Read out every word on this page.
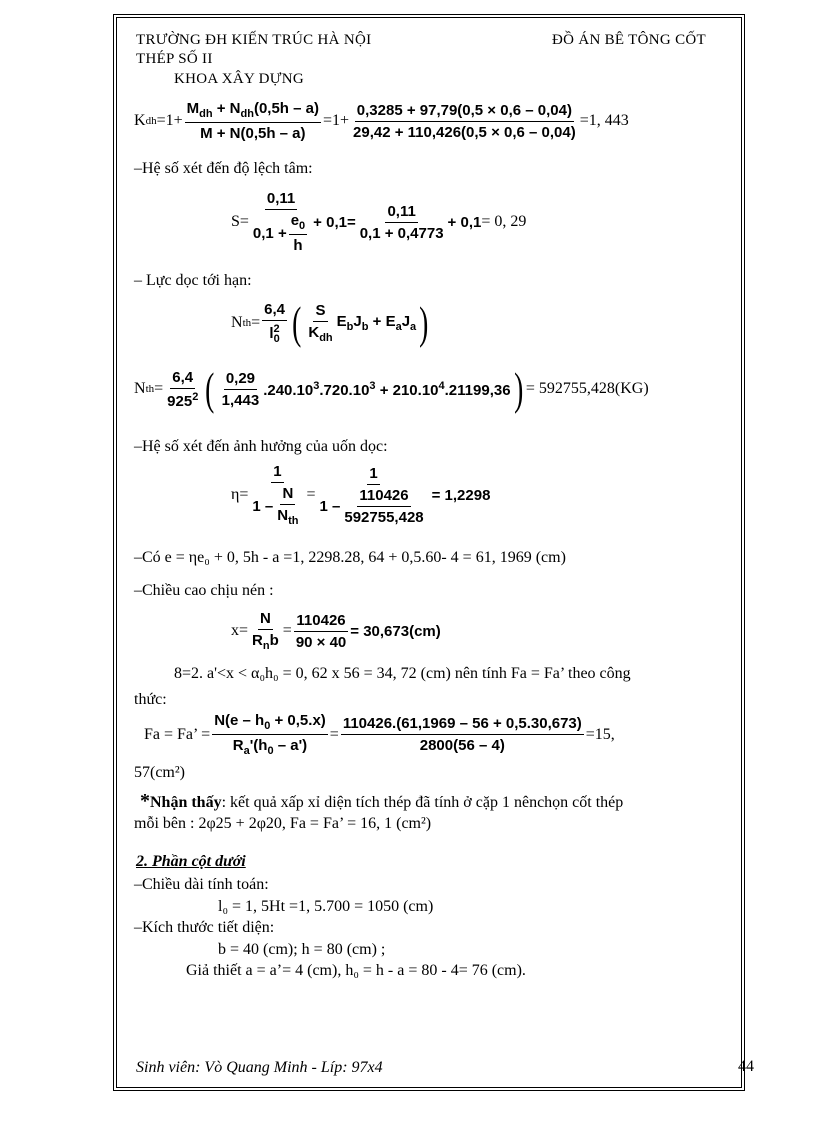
TRƯỜNG ĐH KIẾN TRÚC HÀ NỘI	ĐỒ ÁN BÊ TÔNG CỐT
THÉP SỐ II
KHOA XÂY DỰNG
K dh $=1+ \frac{M_{dh} + N_{dh}(0,5h - a)}{M + N(0,5h - a)} =1+ \frac{0,3285 + 97,79(0,5 \times 0,6 - 0,04)}{29,42 + 110,426(0,5 \times 0,6 - 0,04)} =1$, 443
–Hệ số xét đến độ lệch tâm:
$S= \frac{0,11}{0,1 + \frac{e_0}{h}} + 0,1= \frac{0,11}{0,1 + 0,4773} + 0,1 = 0$, 29
– Lực dọc tới hạn:
N th = $\frac{6,4}{l^2_0}$ ( $\frac{S}{K_{dh}} E_bJ_b + E_aJ_a$ )
N th = $\frac{6,4}{925^2}$ ( $\frac{0,29}{1,443} .240.10^3.720.10^3 + 210.10^4.21199,36$ ) = 592755,428(KG)
–Hệ số xét đến ảnh hưởng của uốn dọc:
$\eta= \frac{1}{1 - \frac{N}{N_{th}}} = \frac{1}{1 - \frac{110426}{592755,428}} = 1,2298$
–Có e = ηe₀ + 0, 5h - a =1, 2298.28, 64 + 0,5.60- 4 = 61, 1969 (cm)
–Chiều cao chịu nén :
$x= \frac{N}{R_nb} = \frac{110426}{90 \times 40} = 30,673(cm)$
8=2. a'<x < α₀h₀ = 0, 62 x 56 = 34, 72 (cm) nên tính Fa = Fa’ theo công
thức:
Fa = Fa’ = $\frac{N(e - h_0 + 0,5.x)}{R_a'(h_0 - a')} = \frac{110426.(61,1969 - 56 + 0,5.30,673)}{2800(56 - 4)} =15$,
57(cm²)
*Nhận thấy: kết quả xấp xỉ diện tích thép đã tính ở cặp 1 nênchọn cốt thép
mỗi bên : 2φ25 + 2φ20, Fa = Fa’ = 16, 1 (cm²)
2. Phần cột dưới
–Chiều dài tính toán:
l₀ = 1, 5Ht =1, 5.700 = 1050 (cm)
–Kích thước tiết diện:
b = 40 (cm); h = 80 (cm) ;
Giả thiết a = a’= 4 (cm), h₀ = h - a = 80 - 4= 76 (cm).
Sinh viên: Vò Quang Minh - Líp: 97x4	44
